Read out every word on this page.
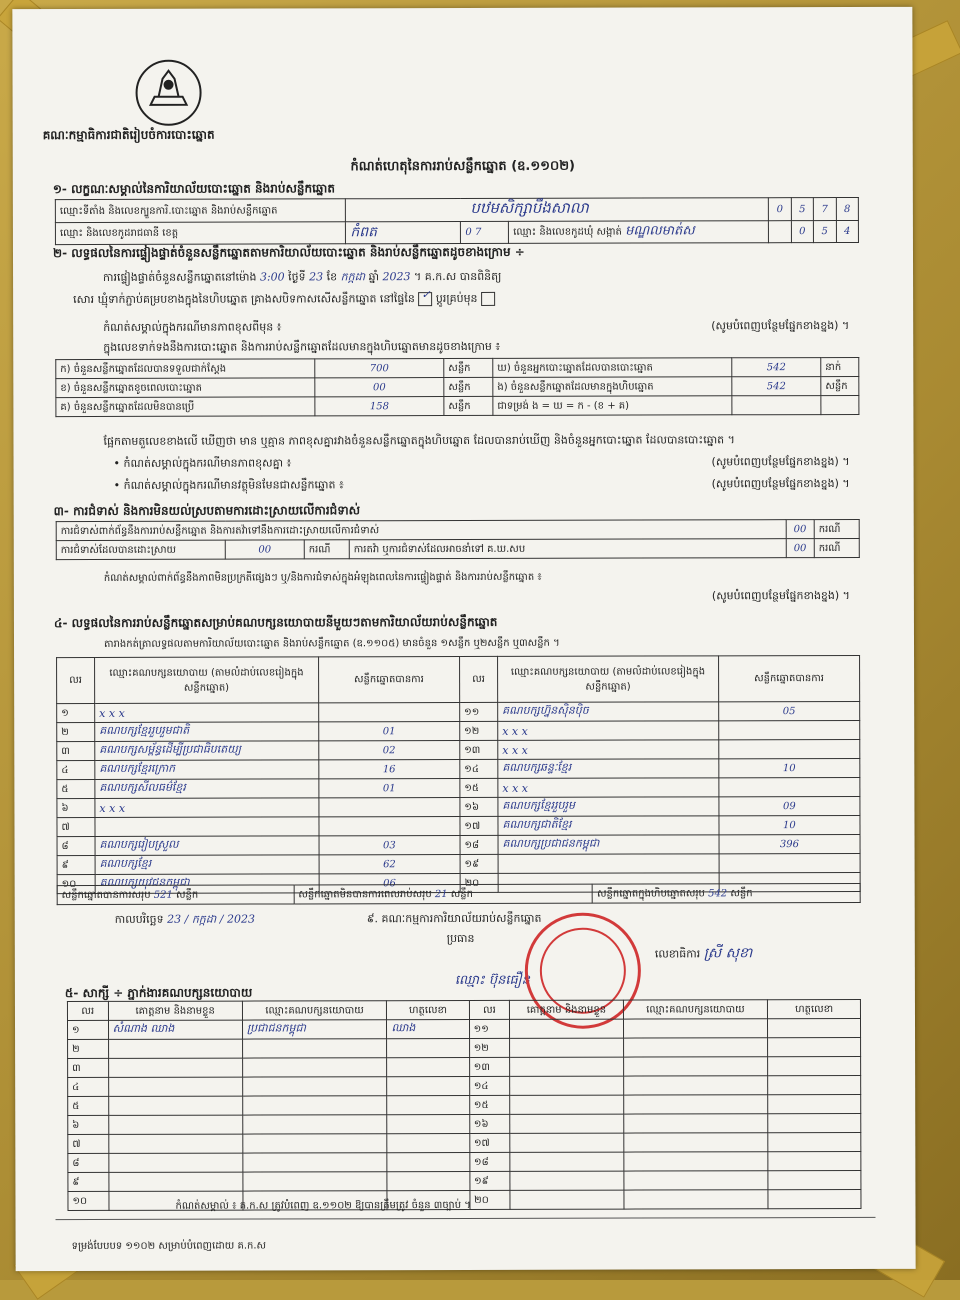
គណៈកម្មាធិការជាតិរៀបចំការបោះឆ្នោត
កំណត់ហេតុនៃការរាប់សន្លឹកឆ្នោត (ឧ.១១០២)
១- លក្ខណៈសម្គាល់នៃការិយាល័យបោះឆ្នោត និងរាប់សន្លឹកឆ្នោត
ឈ្មោះទីតាំង និងលេខក្បួនការិ.បោះឆ្នោត និងរាប់សន្លឹកឆ្នោត	បឋមសិក្សាបឹងសាលា			0	5	7	8
ឈ្មោះ និងលេខកូដរាជធានី ខេត្ត	កំពត	0 7	ឈ្មោះ និងលេខកូដឃុំ សង្កាត់ មណ្ឌលមាត់ស		0	5	4
២- លទ្ធផលនៃការផ្ទៀងផ្ទាត់ចំនួនសន្លឹកឆ្នោតតាមការិយាល័យបោះឆ្នោត និងរាប់សន្លឹកឆ្នោតដូចខាងក្រោម ÷
ការផ្ទៀងផ្ទាត់ចំនួនសន្លឹកឆ្នោតនៅម៉ោង 3:00 ថ្ងៃទី 23 ខែ កក្កដា ឆ្នាំ 2023 ។ គ.ក.ស បានពិនិត្យ
សោរ ឃ្មុំទាក់ភ្ជាប់គម្របខាងក្នុងនៃហិបឆ្នោត គ្រាងសបិទកាសសើសន្លឹកឆ្នោត នៅផ្ទៃនៃ ✓ ប្តូរគ្រប់មុន
កំណត់សម្គាល់ក្នុងករណីមានភាពខុសពីមុន ៖	(សូមបំពេញបន្ថែមផ្នែកខាងខ្នង) ។
ក្នុងលេខទាក់ទងនឹងការបោះឆ្នោត និងការរាប់សន្លឹកឆ្នោតដែលមានក្នុងហិបឆ្នោតមានដូចខាងក្រោម ៖
ក) ចំនួនសន្លឹកឆ្នោតដែលបានទទួលជាក់ស្តែង	700	សន្លឹក	ឃ) ចំនួនអ្នកបោះឆ្នោតដែលបានបោះឆ្នោត	542	នាក់
ខ) ចំនួនសន្លឹកឆ្នោតខូចពេលបោះឆ្នោត	00	សន្លឹក	ង) ចំនួនសន្លឹកឆ្នោតដែលមានក្នុងហិបឆ្នោត	542	សន្លឹក
គ) ចំនួនសន្លឹកឆ្នោតដែលមិនបានប្រើ	158	សន្លឹក	ជាទម្រង់ ង = ឃ = ក - (ខ + គ)		
ផ្អែកតាមតួលេខខាងលើ ឃើញថា មាន ឬគ្មាន ភាពខុសគ្នារវាងចំនួនសន្លឹកឆ្នោតក្នុងហិបឆ្នោត ដែលបានរាប់ឃើញ និងចំនួនអ្នកបោះឆ្នោត ដែលបានបោះឆ្នោត ។
• កំណត់សម្គាល់ក្នុងករណីមានភាពខុសគ្នា ៖	(សូមបំពេញបន្ថែមផ្នែកខាងខ្នង) ។
• កំណត់សម្គាល់ក្នុងករណីមានវត្ថុមិនមែនជាសន្លឹកឆ្នោត ៖	(សូមបំពេញបន្ថែមផ្នែកខាងខ្នង) ។
៣- ការជំទាស់ និងការមិនយល់ស្របតាមការដោះស្រាយលើការជំទាស់
ការជំទាស់ពាក់ព័ន្ធនឹងការរាប់សន្លឹកឆ្នោត និងការតវ៉ាទៅនឹងការដោះស្រាយលើការជំទាស់				00	ករណី
ការជំទាស់ដែលបានដោះស្រាយ	00	ករណី	ការតវ៉ា ឬការជំទាស់ដែលអាចនាំទៅ គ.ឃ.សប	00	ករណី
កំណត់សម្គាល់ពាក់ព័ន្ធនឹងភាពមិនប្រក្រតីផ្សេងៗ ឬ/និងការជំទាស់ក្នុងអំឡុងពេលនៃការផ្ទៀងផ្ទាត់ និងការរាប់សន្លឹកឆ្នោត ៖
(សូមបំពេញបន្ថែមផ្នែកខាងខ្នង) ។
៤- លទ្ធផលនៃការរាប់សន្លឹកឆ្នោតសម្រាប់គណបក្សនយោបាយនីមួយៗតាមការិយាល័យរាប់សន្លឹកឆ្នោត
តារាងកត់ត្រាលទ្ធផលតាមការិយាល័យបោះឆ្នោត និងរាប់សន្លឹកឆ្នោត (ឧ.១១០៥) មានចំនួន ១សន្លឹក ឬ២សន្លឹក ឬ៣សន្លឹក ។
លរ	ឈ្មោះគណបក្សនយោបាយ (តាមលំដាប់លេខរៀងក្នុងសន្លឹកឆ្នោត)	សន្លឹកឆ្នោតបានការ	លរ	ឈ្មោះគណបក្សនយោបាយ (តាមលំដាប់លេខរៀងក្នុងសន្លឹកឆ្នោត)	សន្លឹកឆ្នោតបានការ
១	x x x		១១	គណបក្សហ្វ៊ុនស៊ិនប៉ិច	05
២	គណបក្សខ្មែររួបរួមជាតិ	01	១២	x x x	
៣	គណបក្សសម្ព័ន្ធដើម្បីប្រជាធិបតេយ្យ	02	១៣	x x x	
៤	គណបក្សខ្មែរក្រោក	16	១៤	គណបក្សឆន្ទៈខ្មែរ	10
៥	គណបក្សសីលធម៌ខ្មែរ	01	១៥	x x x	
៦	x x x		១៦	គណបក្សខ្មែររួបរួម	09
៧			១៧	គណបក្សជាតិខ្មែរ	10
៨	គណបក្សរៀបស្រួល	03	១៨	គណបក្សប្រជាជនកម្ពុជា	396
៩	គណបក្សខ្មែរ	62	១៩		
១០	គណបក្សយុវជនកម្ពុជា	06	២០		
សន្លឹកឆ្នោតបានការសរុប 521 សន្លឹក	សន្លឹកឆ្នោតមិនបានការពេលរាប់សរុប 21 សន្លឹក	សន្លឹកឆ្នោតក្នុងហិបឆ្នោតសរុប 542 សន្លឹក
កាលបរិច្ឆេទ 23 / កក្កដា / 2023	៩. គណៈកម្មការការិយាល័យរាប់សន្លឹកឆ្នោត
ប្រធាន
ឈ្មោះ ប៊ុនធឿន
លេខាធិការ ស្រី សុខា
៥- សាក្សី ÷ ភ្នាក់ងារគណបក្សនយោបាយ
លរ	គោត្តនាម និងនាមខ្លួន	ឈ្មោះគណបក្សនយោបាយ	ហត្ថលេខា	លរ	គោត្តនាម និងនាមខ្លួន	ឈ្មោះគណបក្សនយោបាយ	ហត្ថលេខា
១	សំណាង ឈាង	ប្រជាជនកម្ពុជា	ឈាង	១១			
២				១២			
៣				១៣			
៤				១៤			
៥				១៥			
៦				១៦			
៧				១៧			
៨				១៨			
៩				១៩			
១០				២០			
កំណត់សម្គាល់ ៖ គ.ក.ស ត្រូវបំពេញ ឧ.១១០២ ឱ្យបានត្រឹមត្រូវ ចំនួន ៣ច្បាប់ ។
ទម្រង់បែបបទ ១១០២ សម្រាប់បំពេញដោយ គ.ក.ស
